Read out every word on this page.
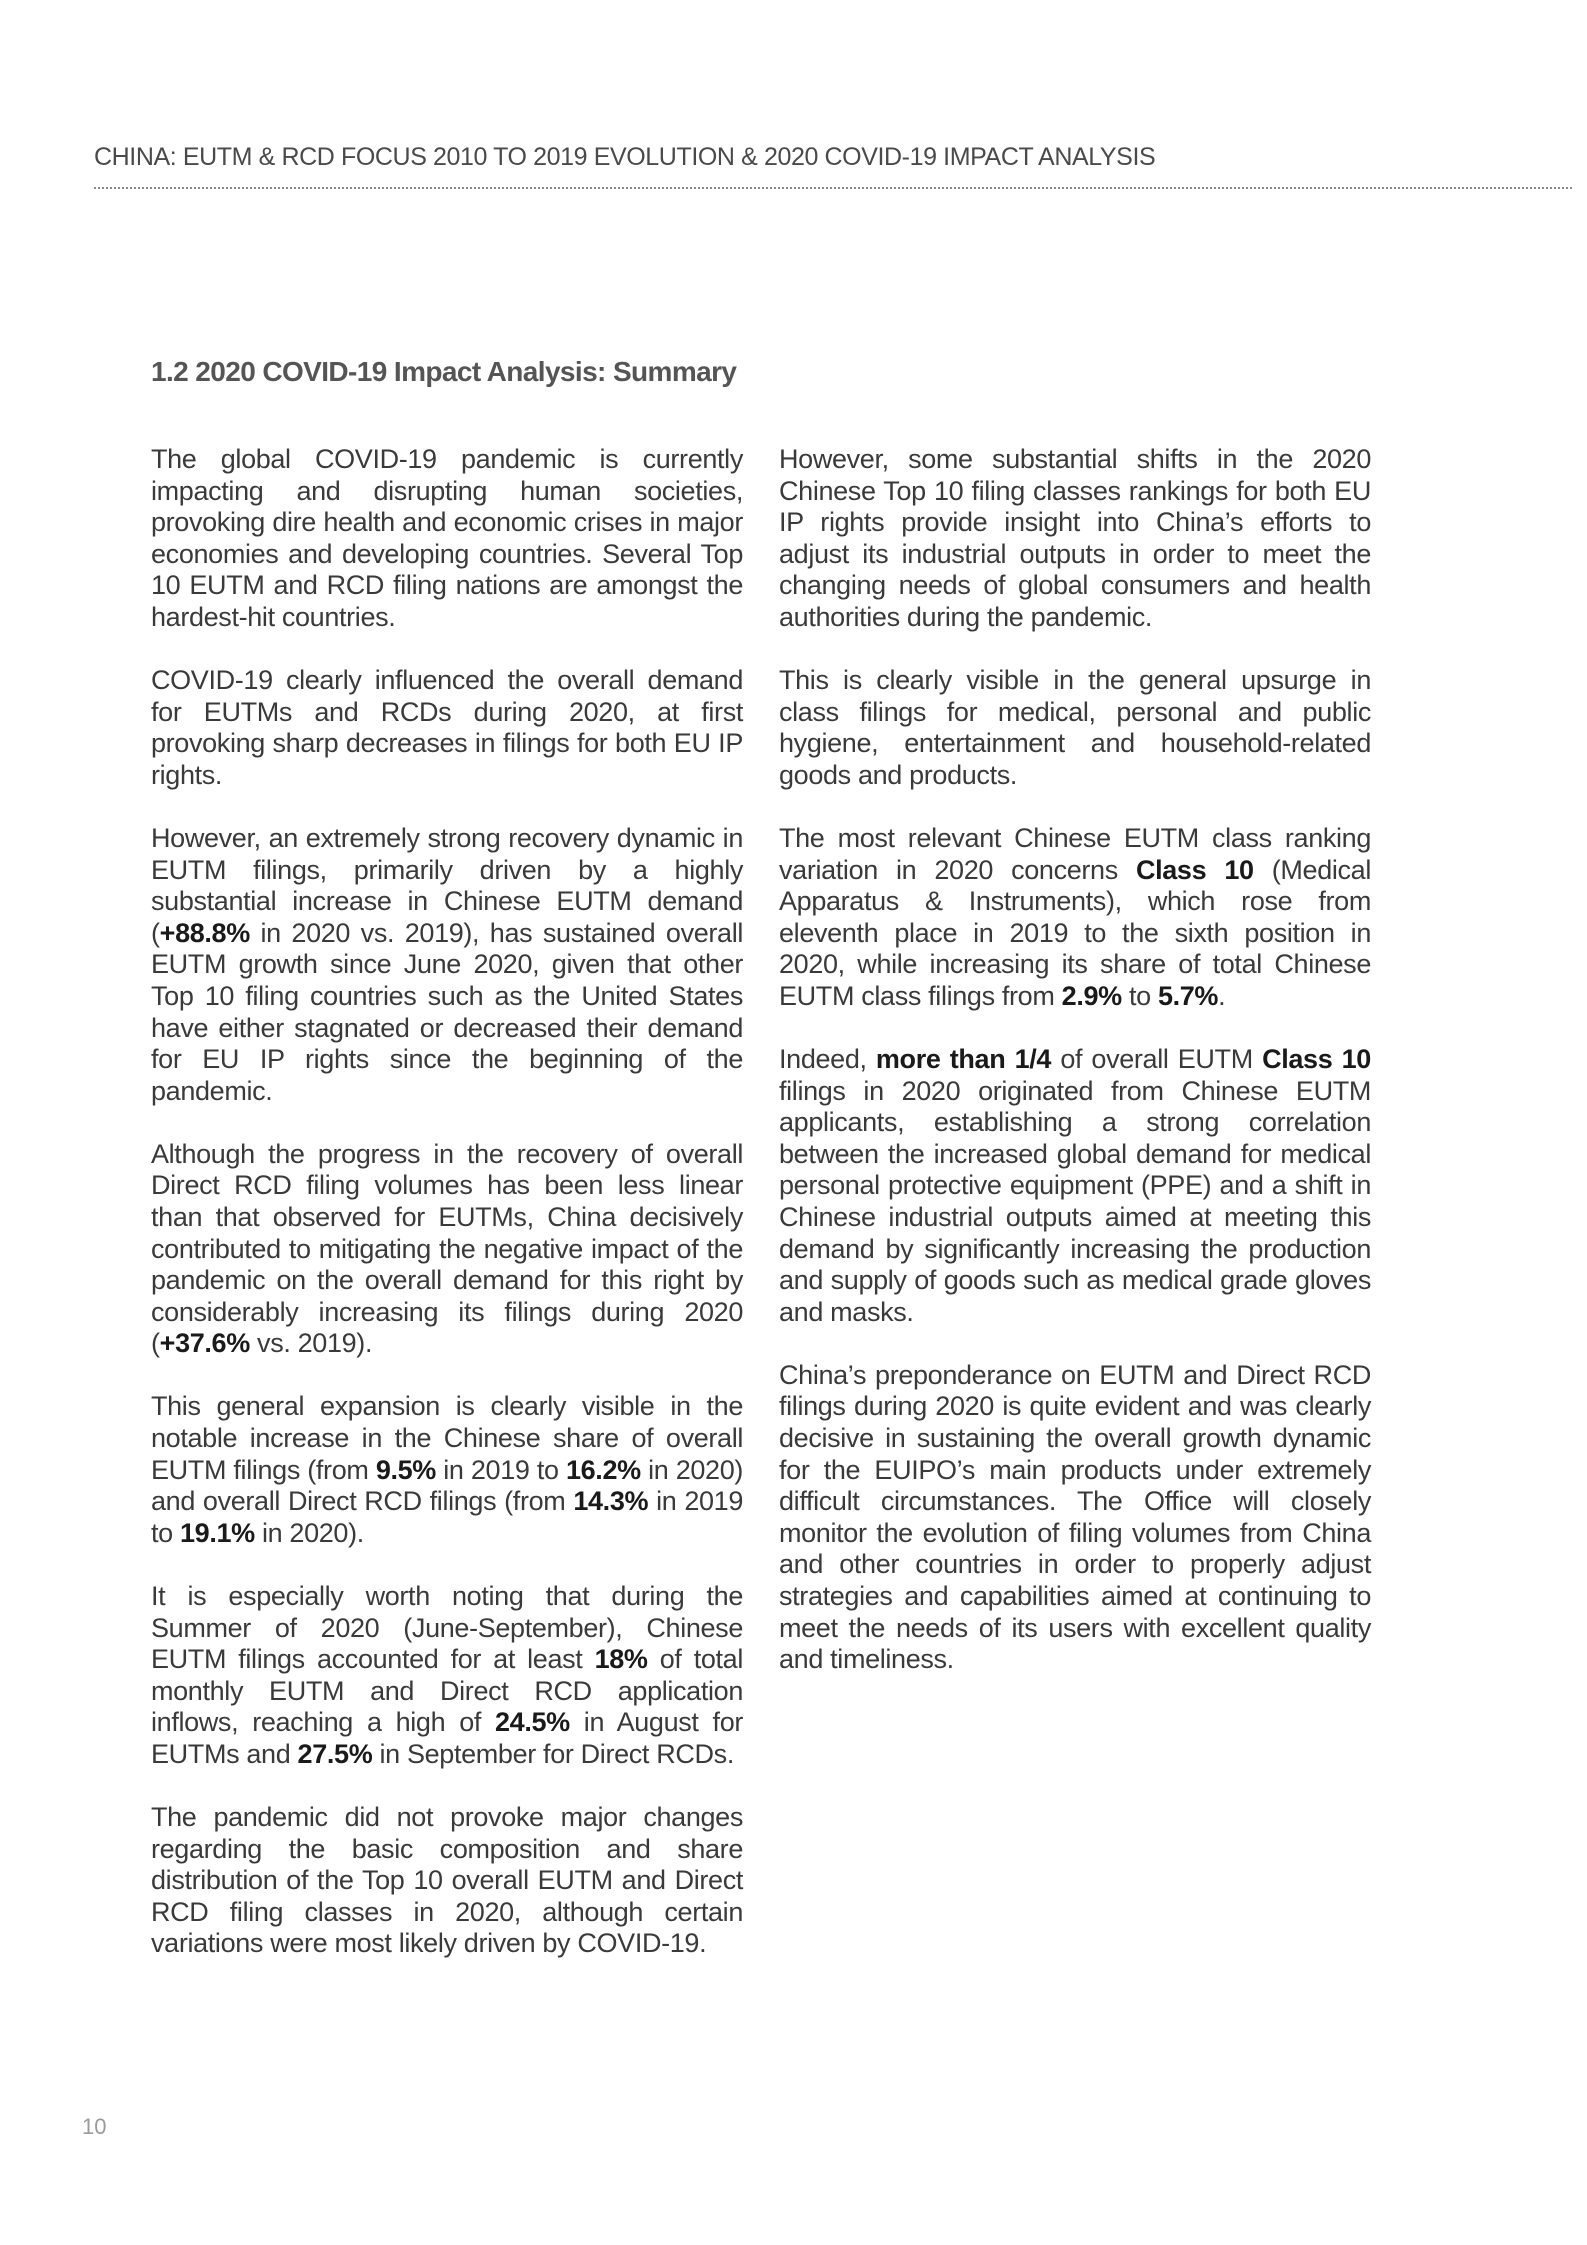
CHINA: EUTM & RCD FOCUS 2010 TO 2019 EVOLUTION & 2020 COVID-19 IMPACT ANALYSIS
1.2 2020 COVID-19 Impact Analysis: Summary

The global COVID-19 pandemic is currently impacting and disrupting human societies, provoking dire health and economic crises in major economies and developing countries. Several Top 10 EUTM and RCD filing nations are amongst the hardest-hit countries.

COVID-19 clearly influenced the overall demand for EUTMs and RCDs during 2020, at first provoking sharp decreases in filings for both EU IP rights.

However, an extremely strong recovery dynamic in EUTM filings, primarily driven by a highly substantial increase in Chinese EUTM demand (+88.8% in 2020 vs. 2019), has sustained overall EUTM growth since June 2020, given that other Top 10 filing countries such as the United States have either stagnated or decreased their demand for EU IP rights since the beginning of the pandemic.

Although the progress in the recovery of overall Direct RCD filing volumes has been less linear than that observed for EUTMs, China decisively contributed to mitigating the negative impact of the pandemic on the overall demand for this right by considerably increasing its filings during 2020 (+37.6% vs. 2019).

This general expansion is clearly visible in the notable increase in the Chinese share of overall EUTM filings (from 9.5% in 2019 to 16.2% in 2020) and overall Direct RCD filings (from 14.3% in 2019 to 19.1% in 2020).

It is especially worth noting that during the Summer of 2020 (June-September), Chinese EUTM filings accounted for at least 18% of total monthly EUTM and Direct RCD application inflows, reaching a high of 24.5% in August for EUTMs and 27.5% in September for Direct RCDs.

The pandemic did not provoke major changes regarding the basic composition and share distribution of the Top 10 overall EUTM and Direct RCD filing classes in 2020, although certain variations were most likely driven by COVID-19.

However, some substantial shifts in the 2020 Chinese Top 10 filing classes rankings for both EU IP rights provide insight into China’s efforts to adjust its industrial outputs in order to meet the changing needs of global consumers and health authorities during the pandemic.

This is clearly visible in the general upsurge in class filings for medical, personal and public hygiene, entertainment and household-related goods and products.

The most relevant Chinese EUTM class ranking variation in 2020 concerns Class 10 (Medical Apparatus & Instruments), which rose from eleventh place in 2019 to the sixth position in 2020, while increasing its share of total Chinese EUTM class filings from 2.9% to 5.7%.

Indeed, more than 1/4 of overall EUTM Class 10 filings in 2020 originated from Chinese EUTM applicants, establishing a strong correlation between the increased global demand for medical personal protective equipment (PPE) and a shift in Chinese industrial outputs aimed at meeting this demand by significantly increasing the production and supply of goods such as medical grade gloves and masks.

China’s preponderance on EUTM and Direct RCD filings during 2020 is quite evident and was clearly decisive in sustaining the overall growth dynamic for the EUIPO’s main products under extremely difficult circumstances. The Office will closely monitor the evolution of filing volumes from China and other countries in order to properly adjust strategies and capabilities aimed at continuing to meet the needs of its users with excellent quality and timeliness.

10
